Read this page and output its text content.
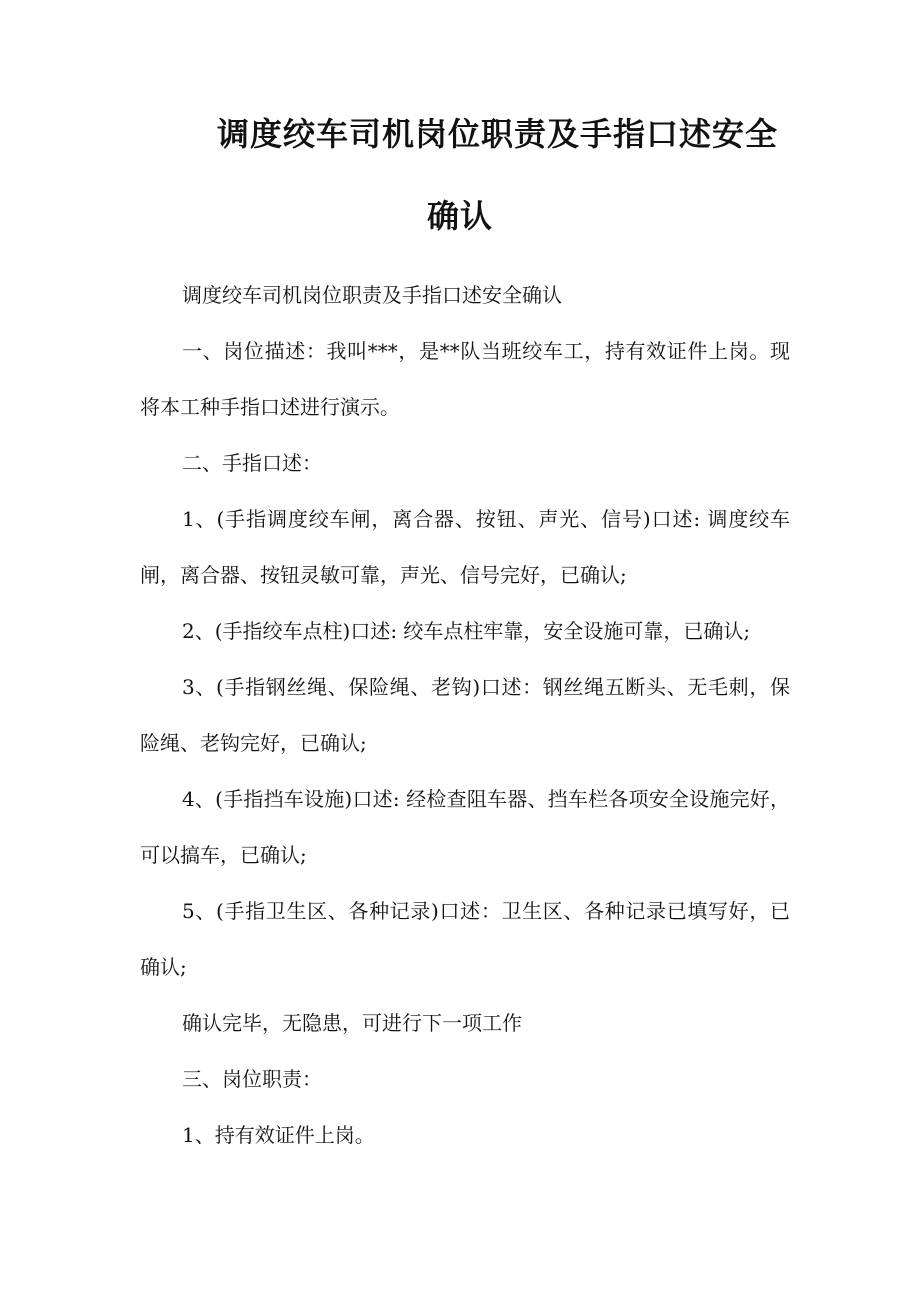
调度绞车司机岗位职责及手指口述安全
确认

调度绞车司机岗位职责及手指口述安全确认

一、岗位描述：我叫***，是**队当班绞车工，持有效证件上岗。现将本工种手指口述进行演示。

二、手指口述：

1、(手指调度绞车闸，离合器、按钮、声光、信号)口述: 调度绞车闸，离合器、按钮灵敏可靠，声光、信号完好，已确认;

2、(手指绞车点柱)口述: 绞车点柱牢靠，安全设施可靠，已确认;

3、(手指钢丝绳、保险绳、老钩)口述：钢丝绳五断头、无毛刺，保险绳、老钩完好，已确认;

4、(手指挡车设施)口述: 经检查阻车器、挡车栏各项安全设施完好，可以搞车，已确认;

5、(手指卫生区、各种记录)口述：卫生区、各种记录已填写好，已确认;

确认完毕，无隐患，可进行下一项工作

三、岗位职责：

1、持有效证件上岗。
